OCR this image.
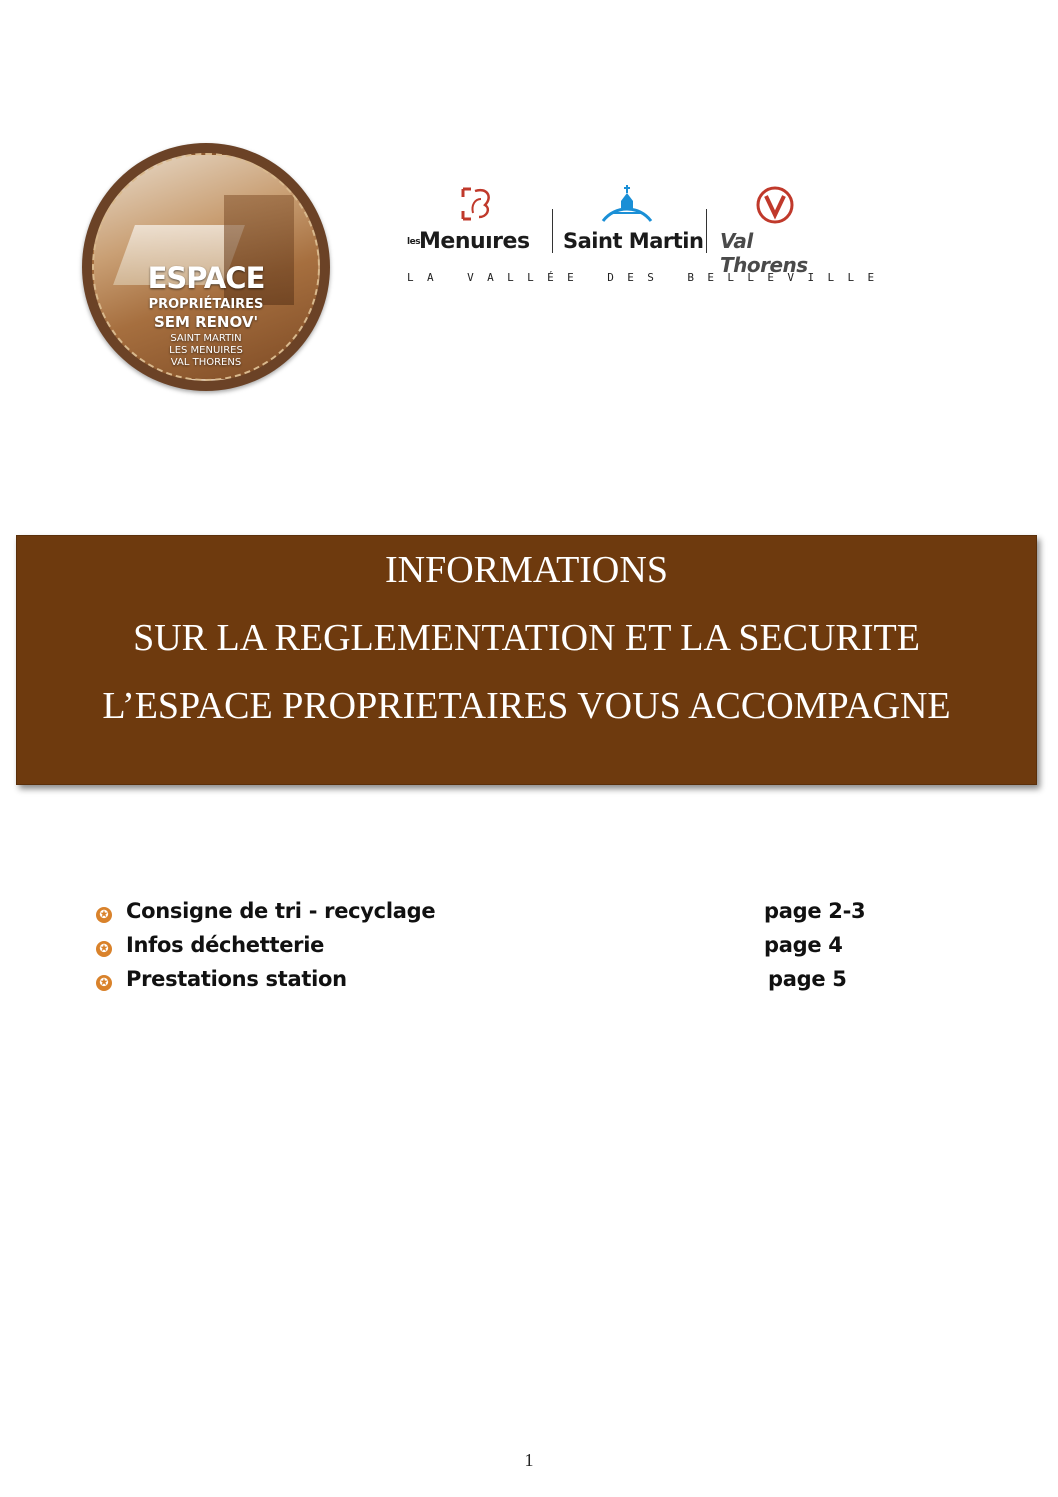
ESPACE
PROPRIÉTAIRES
SEM RENOV'
SAINT MARTIN
LES MENUIRES
VAL THORENS
lesMenuıres Saint Martin Val Thorens
LA VALLÉE DES BELLEVILLE
INFORMATIONS
SUR LA REGLEMENTATION ET LA SECURITE
L’ESPACE PROPRIETAIRES VOUS ACCOMPAGNE
✪ Consigne de tri - recyclage	page 2-3
✪ Infos déchetterie	page 4
✪ Prestations station	page 5
1
